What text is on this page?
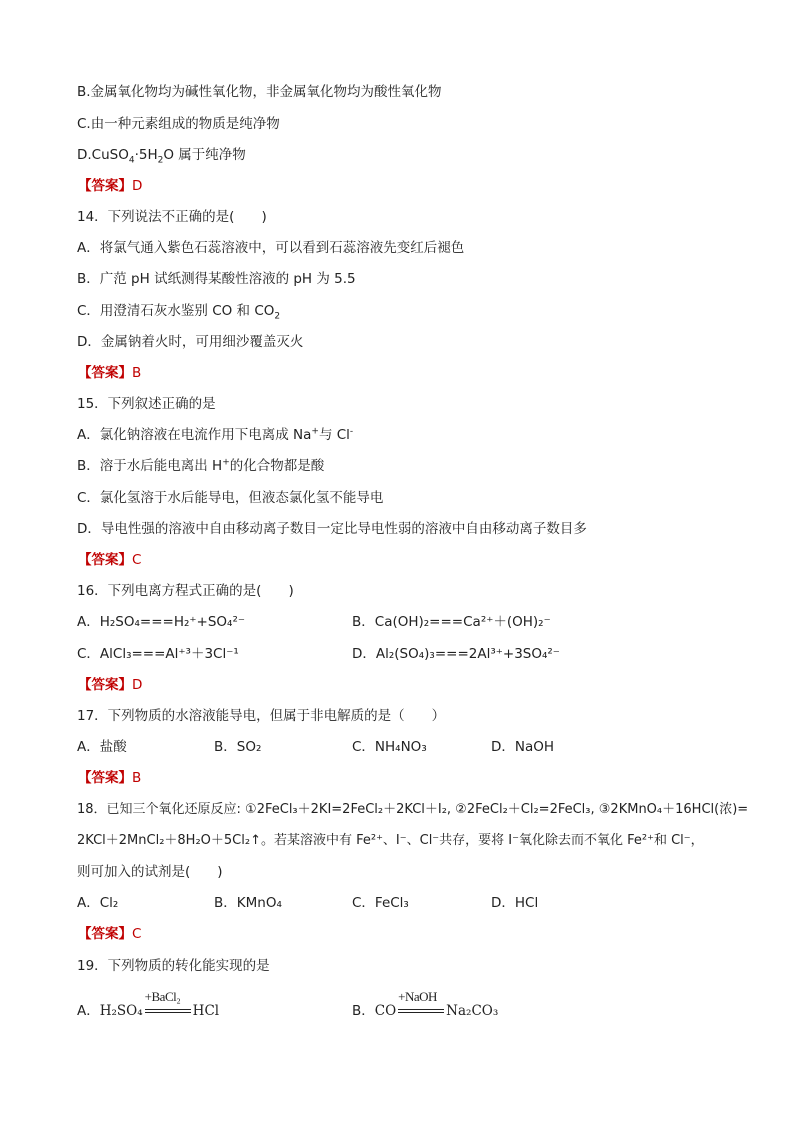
B.金属氧化物均为碱性氧化物，非金属氧化物均为酸性氧化物
C.由一种元素组成的物质是纯净物
$D.CuSO_4\cdot 5H_2O$ 属于纯净物
【答案】D
14．下列说法不正确的是(　　)
A．将氯气通入紫色石蕊溶液中，可以看到石蕊溶液先变红后褪色
B．广范 pH 试纸测得某酸性溶液的 pH 为 5.5
C．用澄清石灰水鉴别 CO 和 $CO_2$
D．金属钠着火时，可用细沙覆盖灭火
【答案】B
15．下列叙述正确的是
A．氯化钠溶液在电流作用下电离成 Na+与 Cl-
B．溶于水后能电离出 H+的化合物都是酸
C．氯化氢溶于水后能导电，但液态氯化氢不能导电
D．导电性强的溶液中自由移动离子数目一定比导电性弱的溶液中自由移动离子数目多
【答案】C
16．下列电离方程式正确的是(　　)
A．H₂SO₄===H₂⁺+SO₄²⁻	B．Ca(OH)₂===Ca²⁺＋(OH)₂⁻
C．AlCl₃===Al⁺³＋3Cl⁻¹	D．Al₂(SO₄)₃===2Al³⁺+3SO₄²⁻
【答案】D
17．下列物质的水溶液能导电，但属于非电解质的是（　　）
A．盐酸	B．SO₂	C．NH₄NO₃	D．NaOH
【答案】B
18．已知三个氧化还原反应: ①2FeCl₃＋2KI=2FeCl₂＋2KCl＋I₂, ②2FeCl₂＋Cl₂=2FeCl₃, ③2KMnO₄＋16HCl(浓)=
2KCl＋2MnCl₂＋8H₂O＋5Cl₂↑。若某溶液中有 Fe²⁺、I⁻、Cl⁻共存，要将 I⁻氧化除去而不氧化 Fe²⁺和 Cl⁻，
则可加入的试剂是(　　)
A．Cl₂	B．KMnO₄	C．FeCl₃	D．HCl
【答案】C
19．下列物质的转化能实现的是
A．H₂SO₄
+BaCl₂
HCl	B．CO
+NaOH
Na₂CO₃
